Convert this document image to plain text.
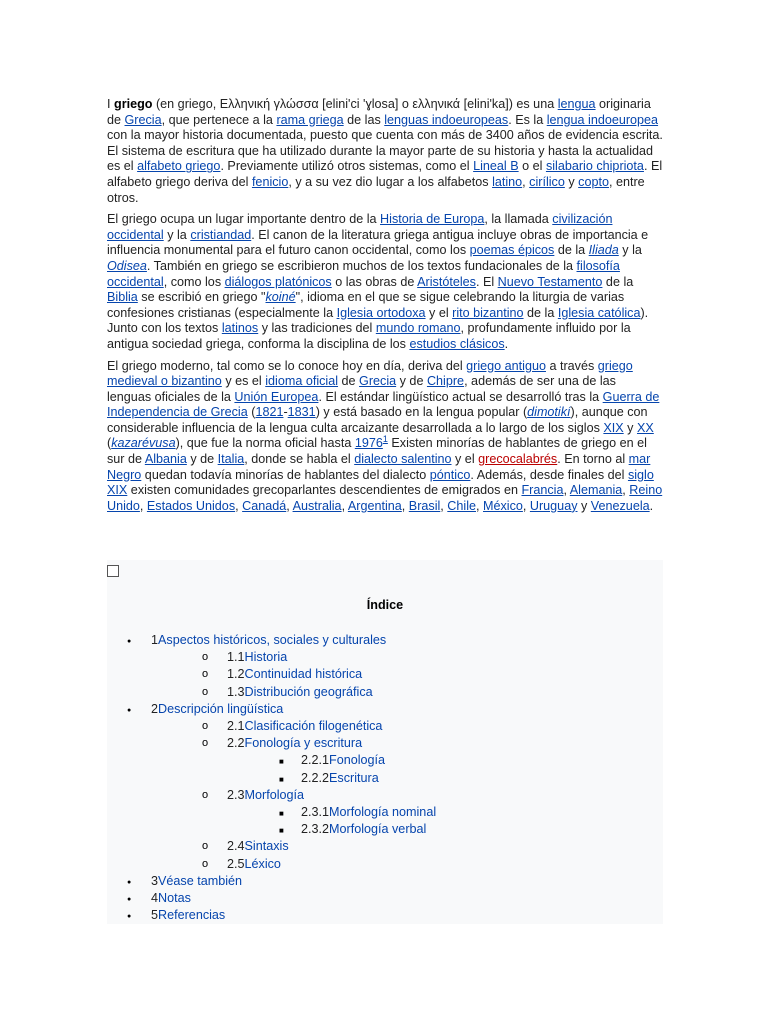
I griego (en griego, Ελληνική γλώσσα [elini'ci 'ɣlosa] o ελληνικά [elini'ka]) es una lengua originaria de Grecia, que pertenece a la rama griega de las lenguas indoeuropeas. Es la lengua indoeuropea con la mayor historia documentada, puesto que cuenta con más de 3400 años de evidencia escrita. El sistema de escritura que ha utilizado durante la mayor parte de su historia y hasta la actualidad es el alfabeto griego. Previamente utilizó otros sistemas, como el Lineal B o el silabario chipriota. El alfabeto griego deriva del fenicio, y a su vez dio lugar a los alfabetos latino, cirílico y copto, entre otros.

El griego ocupa un lugar importante dentro de la Historia de Europa, la llamada civilización occidental y la cristiandad. El canon de la literatura griega antigua incluye obras de importancia e influencia monumental para el futuro canon occidental, como los poemas épicos de la Iliada y la Odisea. También en griego se escribieron muchos de los textos fundacionales de la filosofía occidental, como los diálogos platónicos o las obras de Aristóteles. El Nuevo Testamento de la Biblia se escribió en griego "koiné", idioma en el que se sigue celebrando la liturgia de varias confesiones cristianas (especialmente la Iglesia ortodoxa y el rito bizantino de la Iglesia católica). Junto con los textos latinos y las tradiciones del mundo romano, profundamente influido por la antigua sociedad griega, conforma la disciplina de los estudios clásicos.

El griego moderno, tal como se lo conoce hoy en día, deriva del griego antiguo a través griego medieval o bizantino y es el idioma oficial de Grecia y de Chipre, además de ser una de las lenguas oficiales de la Unión Europea. El estándar lingüístico actual se desarrolló tras la Guerra de Independencia de Grecia (1821-1831) y está basado en la lengua popular (dimotikí), aunque con considerable influencia de la lengua culta arcaizante desarrollada a lo largo de los siglos XIX y XX (kazarévusa), que fue la norma oficial hasta 1976$^1$ Existen minorías de hablantes de griego en el sur de Albania y de Italia, donde se habla el dialecto salentino y el grecocalabrés. En torno al mar Negro quedan todavía minorías de hablantes del dialecto póntico. Además, desde finales del siglo XIX existen comunidades grecoparlantes descendientes de emigrados en Francia, Alemania, Reino Unido, Estados Unidos, Canadá, Australia, Argentina, Brasil, Chile, México, Uruguay y Venezuela.

Índice
● 1Aspectos históricos, sociales y culturales
o 1.1Historia
o 1.2Continuidad histórica
o 1.3Distribución geográfica
● 2Descripción lingüística
o 2.1Clasificación filogenética
o 2.2Fonología y escritura
■ 2.2.1Fonología
■ 2.2.2Escritura
o 2.3Morfología
■ 2.3.1Morfología nominal
■ 2.3.2Morfología verbal
o 2.4Sintaxis
o 2.5Léxico
● 3Véase también
● 4Notas
● 5Referencias
